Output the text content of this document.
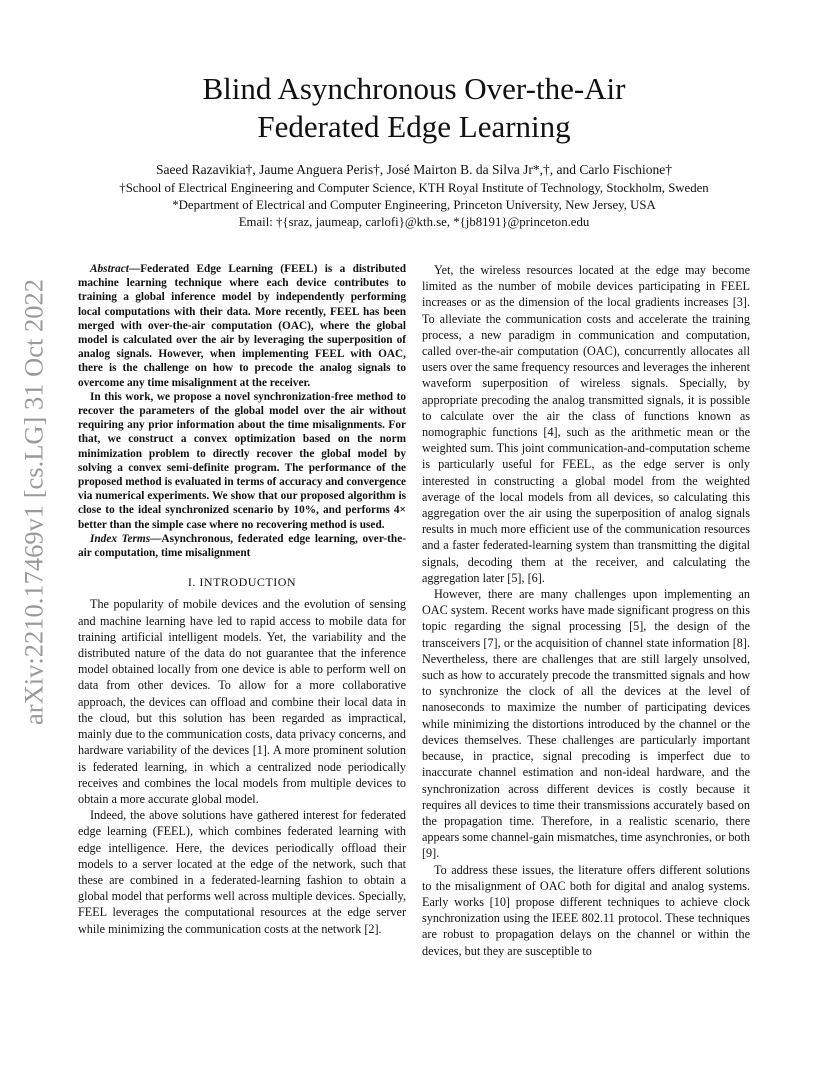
Blind Asynchronous Over-the-Air
Federated Edge Learning
Saeed Razavikia†, Jaume Anguera Peris†, José Mairton B. da Silva Jr*,†, and Carlo Fischione†
†School of Electrical Engineering and Computer Science, KTH Royal Institute of Technology, Stockholm, Sweden
*Department of Electrical and Computer Engineering, Princeton University, New Jersey, USA
Email: †{sraz, jaumeap, carlofi}@kth.se, *{jb8191}@princeton.edu
arXiv:2210.17469v1 [cs.LG] 31 Oct 2022

Abstract—Federated Edge Learning (FEEL) is a distributed machine learning technique where each device contributes to training a global inference model by independently performing local computations with their data. More recently, FEEL has been merged with over-the-air computation (OAC), where the global model is calculated over the air by leveraging the superposition of analog signals. However, when implementing FEEL with OAC, there is the challenge on how to precode the analog signals to overcome any time misalignment at the receiver.

In this work, we propose a novel synchronization-free method to recover the parameters of the global model over the air without requiring any prior information about the time misalignments. For that, we construct a convex optimization based on the norm minimization problem to directly recover the global model by solving a convex semi-definite program. The performance of the proposed method is evaluated in terms of accuracy and convergence via numerical experiments. We show that our proposed algorithm is close to the ideal synchronized scenario by 10%, and performs 4× better than the simple case where no recovering method is used.

Index Terms—Asynchronous, federated edge learning, over-the-air computation, time misalignment

I. INTRODUCTION

The popularity of mobile devices and the evolution of sensing and machine learning have led to rapid access to mobile data for training artificial intelligent models. Yet, the variability and the distributed nature of the data do not guarantee that the inference model obtained locally from one device is able to perform well on data from other devices. To allow for a more collaborative approach, the devices can offload and combine their local data in the cloud, but this solution has been regarded as impractical, mainly due to the communication costs, data privacy concerns, and hardware variability of the devices [1]. A more prominent solution is federated learning, in which a centralized node periodically receives and combines the local models from multiple devices to obtain a more accurate global model.

Indeed, the above solutions have gathered interest for federated edge learning (FEEL), which combines federated learning with edge intelligence. Here, the devices periodically offload their models to a server located at the edge of the network, such that these are combined in a federated-learning fashion to obtain a global model that performs well across multiple devices. Specially, FEEL leverages the computational resources at the edge server while minimizing the communication costs at the network [2].

Yet, the wireless resources located at the edge may become limited as the number of mobile devices participating in FEEL increases or as the dimension of the local gradients increases [3]. To alleviate the communication costs and accelerate the training process, a new paradigm in communication and computation, called over-the-air computation (OAC), concurrently allocates all users over the same frequency resources and leverages the inherent waveform superposition of wireless signals. Specially, by appropriate precoding the analog transmitted signals, it is possible to calculate over the air the class of functions known as nomographic functions [4], such as the arithmetic mean or the weighted sum. This joint communication-and-computation scheme is particularly useful for FEEL, as the edge server is only interested in constructing a global model from the weighted average of the local models from all devices, so calculating this aggregation over the air using the superposition of analog signals results in much more efficient use of the communication resources and a faster federated-learning system than transmitting the digital signals, decoding them at the receiver, and calculating the aggregation later [5], [6].

However, there are many challenges upon implementing an OAC system. Recent works have made significant progress on this topic regarding the signal processing [5], the design of the transceivers [7], or the acquisition of channel state information [8]. Nevertheless, there are challenges that are still largely unsolved, such as how to accurately precode the transmitted signals and how to synchronize the clock of all the devices at the level of nanoseconds to maximize the number of participating devices while minimizing the distortions introduced by the channel or the devices themselves. These challenges are particularly important because, in practice, signal precoding is imperfect due to inaccurate channel estimation and non-ideal hardware, and the synchronization across different devices is costly because it requires all devices to time their transmissions accurately based on the propagation time. Therefore, in a realistic scenario, there appears some channel-gain mismatches, time asynchronies, or both [9].

To address these issues, the literature offers different solutions to the misalignment of OAC both for digital and analog systems. Early works [10] propose different techniques to achieve clock synchronization using the IEEE 802.11 protocol. These techniques are robust to propagation delays on the channel or within the devices, but they are susceptible to
